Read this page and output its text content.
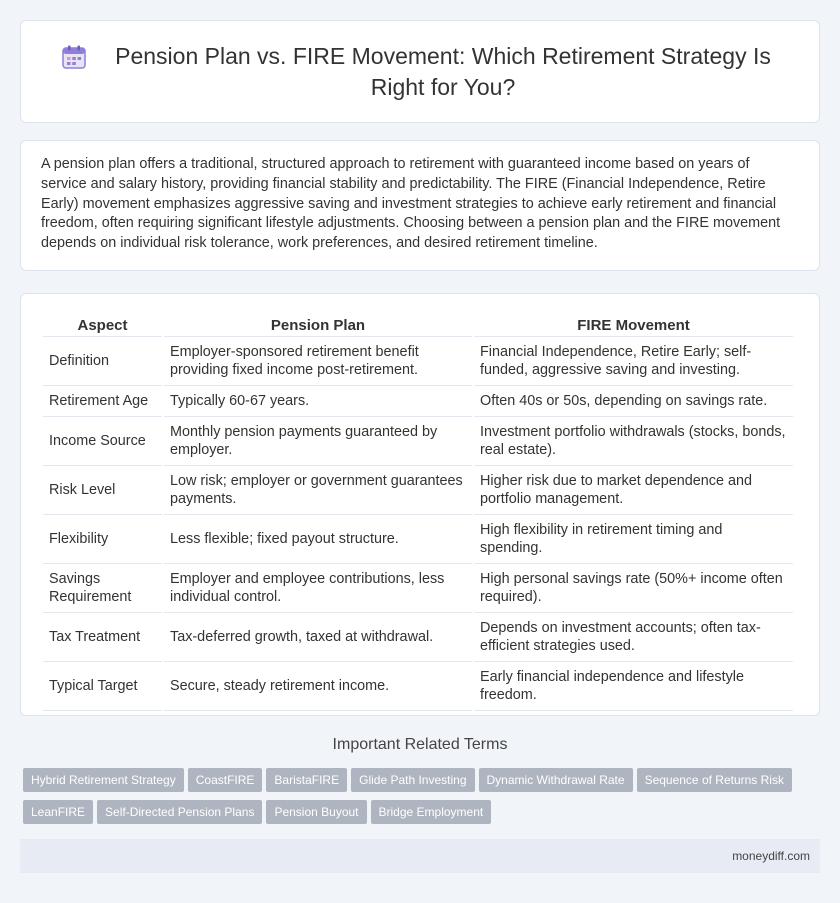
Pension Plan vs. FIRE Movement: Which Retirement Strategy Is Right for You?

A pension plan offers a traditional, structured approach to retirement with guaranteed income based on years of service and salary history, providing financial stability and predictability. The FIRE (Financial Independence, Retire Early) movement emphasizes aggressive saving and investment strategies to achieve early retirement and financial freedom, often requiring significant lifestyle adjustments. Choosing between a pension plan and the FIRE movement depends on individual risk tolerance, work preferences, and desired retirement timeline.

Aspect	Pension Plan	FIRE Movement
Definition	Employer-sponsored retirement benefit providing fixed income post-retirement.	Financial Independence, Retire Early; self-funded, aggressive saving and investing.
Retirement Age	Typically 60-67 years.	Often 40s or 50s, depending on savings rate.
Income Source	Monthly pension payments guaranteed by employer.	Investment portfolio withdrawals (stocks, bonds, real estate).
Risk Level	Low risk; employer or government guarantees payments.	Higher risk due to market dependence and portfolio management.
Flexibility	Less flexible; fixed payout structure.	High flexibility in retirement timing and spending.
Savings Requirement	Employer and employee contributions, less individual control.	High personal savings rate (50%+ income often required).
Tax Treatment	Tax-deferred growth, taxed at withdrawal.	Depends on investment accounts; often tax-efficient strategies used.
Typical Target	Secure, steady retirement income.	Early financial independence and lifestyle freedom.
Important Related Terms
Hybrid Retirement Strategy CoastFIRE BaristaFIRE Glide Path Investing Dynamic Withdrawal Rate Sequence of Returns Risk
LeanFIRE Self-Directed Pension Plans Pension Buyout Bridge Employment
moneydiff.com
